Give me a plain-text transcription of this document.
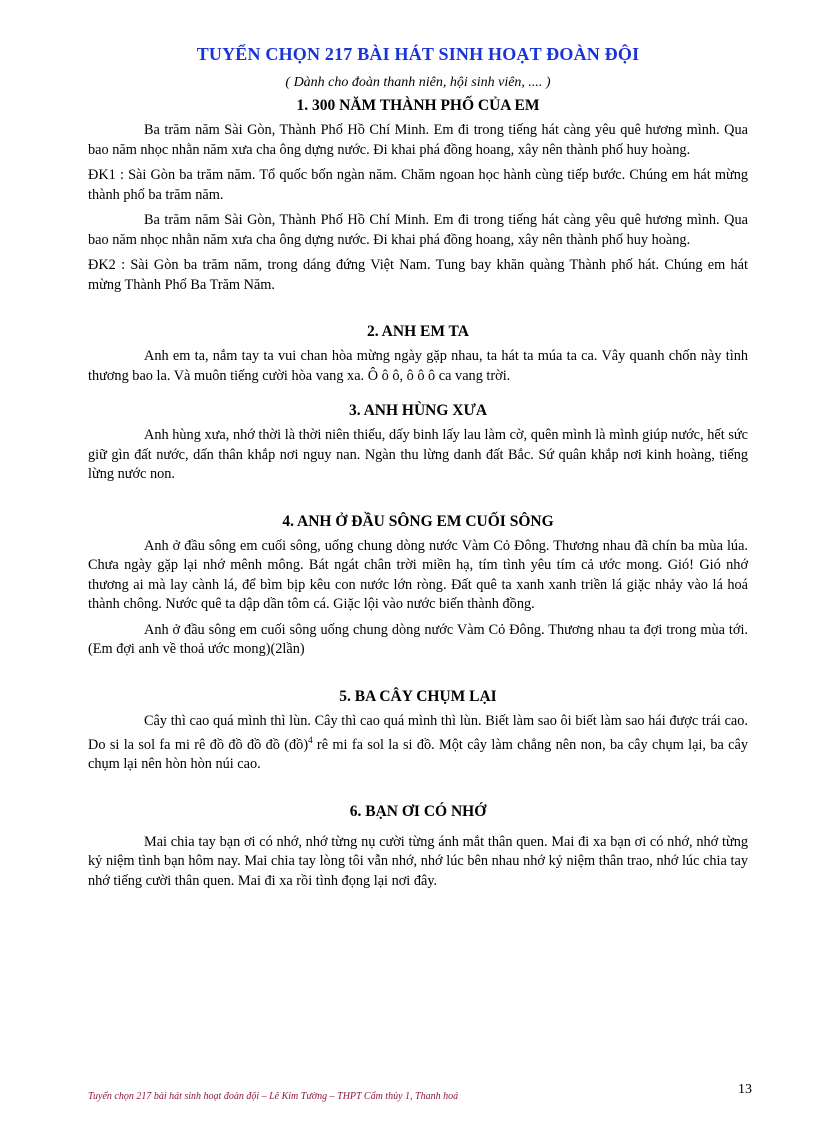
TUYỂN CHỌN 217 BÀI HÁT SINH HOẠT ĐOÀN ĐỘI
( Dành cho đoàn thanh niên, hội sinh viên, .... )
1. 300 NĂM THÀNH PHỐ CỦA EM

Ba trăm năm Sài Gòn, Thành Phố Hồ Chí Minh. Em đi trong tiếng hát càng yêu quê hương mình. Qua bao năm nhọc nhằn năm xưa cha ông dựng nước. Đi khai phá đồng hoang, xây nên thành phố huy hoàng.

ĐK1 : Sài Gòn ba trăm năm. Tổ quốc bốn ngàn năm. Chăm ngoan học hành cùng tiếp bước. Chúng em hát mừng thành phố ba trăm năm.

Ba trăm năm Sài Gòn, Thành Phố Hồ Chí Minh. Em đi trong tiếng hát càng yêu quê hương mình. Qua bao năm nhọc nhằn năm xưa cha ông dựng nước. Đi khai phá đồng hoang, xây nên thành phố huy hoàng.

ĐK2 : Sài Gòn ba trăm năm, trong dáng đứng Việt Nam. Tung bay khăn quàng Thành phố hát. Chúng em hát mừng Thành Phố Ba Trăm Năm.

2. ANH EM TA

Anh em ta, nắm tay ta vui chan hòa mừng ngày gặp nhau, ta hát ta múa ta ca. Vây quanh chốn này tình thương bao la. Và muôn tiếng cười hòa vang xa. Ô ô ô, ô ô ô ca vang trời.

3. ANH HÙNG XƯA

Anh hùng xưa, nhớ thời là thời niên thiếu, dấy binh lấy lau làm cờ, quên mình là mình giúp nước, hết sức giữ gìn đất nước, dấn thân khắp nơi nguy nan. Ngàn thu lừng danh đất Bắc. Sứ quân khắp nơi kinh hoàng, tiếng lừng nước non.

4. ANH Ở ĐẦU SÔNG EM CUỐI SÔNG

Anh ở đầu sông em cuối sông, uống chung dòng nước Vàm Cỏ Đông. Thương nhau đã chín ba mùa lúa. Chưa ngày gặp lại nhớ mênh mông. Bát ngát chân trời miền hạ, tím tình yêu tím cả ước mong. Gió! Gió nhớ thương ai mà lay cành lá, để bìm bịp kêu con nước lớn ròng. Đất quê ta xanh xanh triền lá giặc nhảy vào lá hoá thành chông. Nước quê ta dập dần tôm cá. Giặc lội vào nước biến thành đồng.

Anh ở đầu sông em cuối sông uống chung dòng nước Vàm Cỏ Đông. Thương nhau ta đợi trong mùa tới. (Em đợi anh về thoả ước mong)(2lần)

5. BA CÂY CHỤM LẠI

Cây thì cao quá mình thì lùn. Cây thì cao quá mình thì lùn. Biết làm sao ôi biết làm sao hái được trái cao. Do si la sol fa mi rê đồ đồ đồ đồ (đồ)$^4$ rê mi fa sol la si đồ. Một cây làm chẳng nên non, ba cây chụm lại, ba cây chụm lại nên hòn hòn núi cao.

6. BẠN ƠI CÓ NHỚ

Mai chia tay bạn ơi có nhớ, nhớ từng nụ cười từng ánh mắt thân quen. Mai đi xa bạn ơi có nhớ, nhớ từng kỷ niệm tình bạn hôm nay. Mai chia tay lòng tôi vẫn nhớ, nhớ lúc bên nhau nhớ kỷ niệm thân trao, nhớ lúc chia tay nhớ tiếng cười thân quen. Mai đi xa rồi tình đọng lại nơi đây.

Tuyển chọn 217 bài hát sinh hoạt đoàn đội – Lê Kim Tường – THPT Cẩm thủy 1, Thanh hoá	13
